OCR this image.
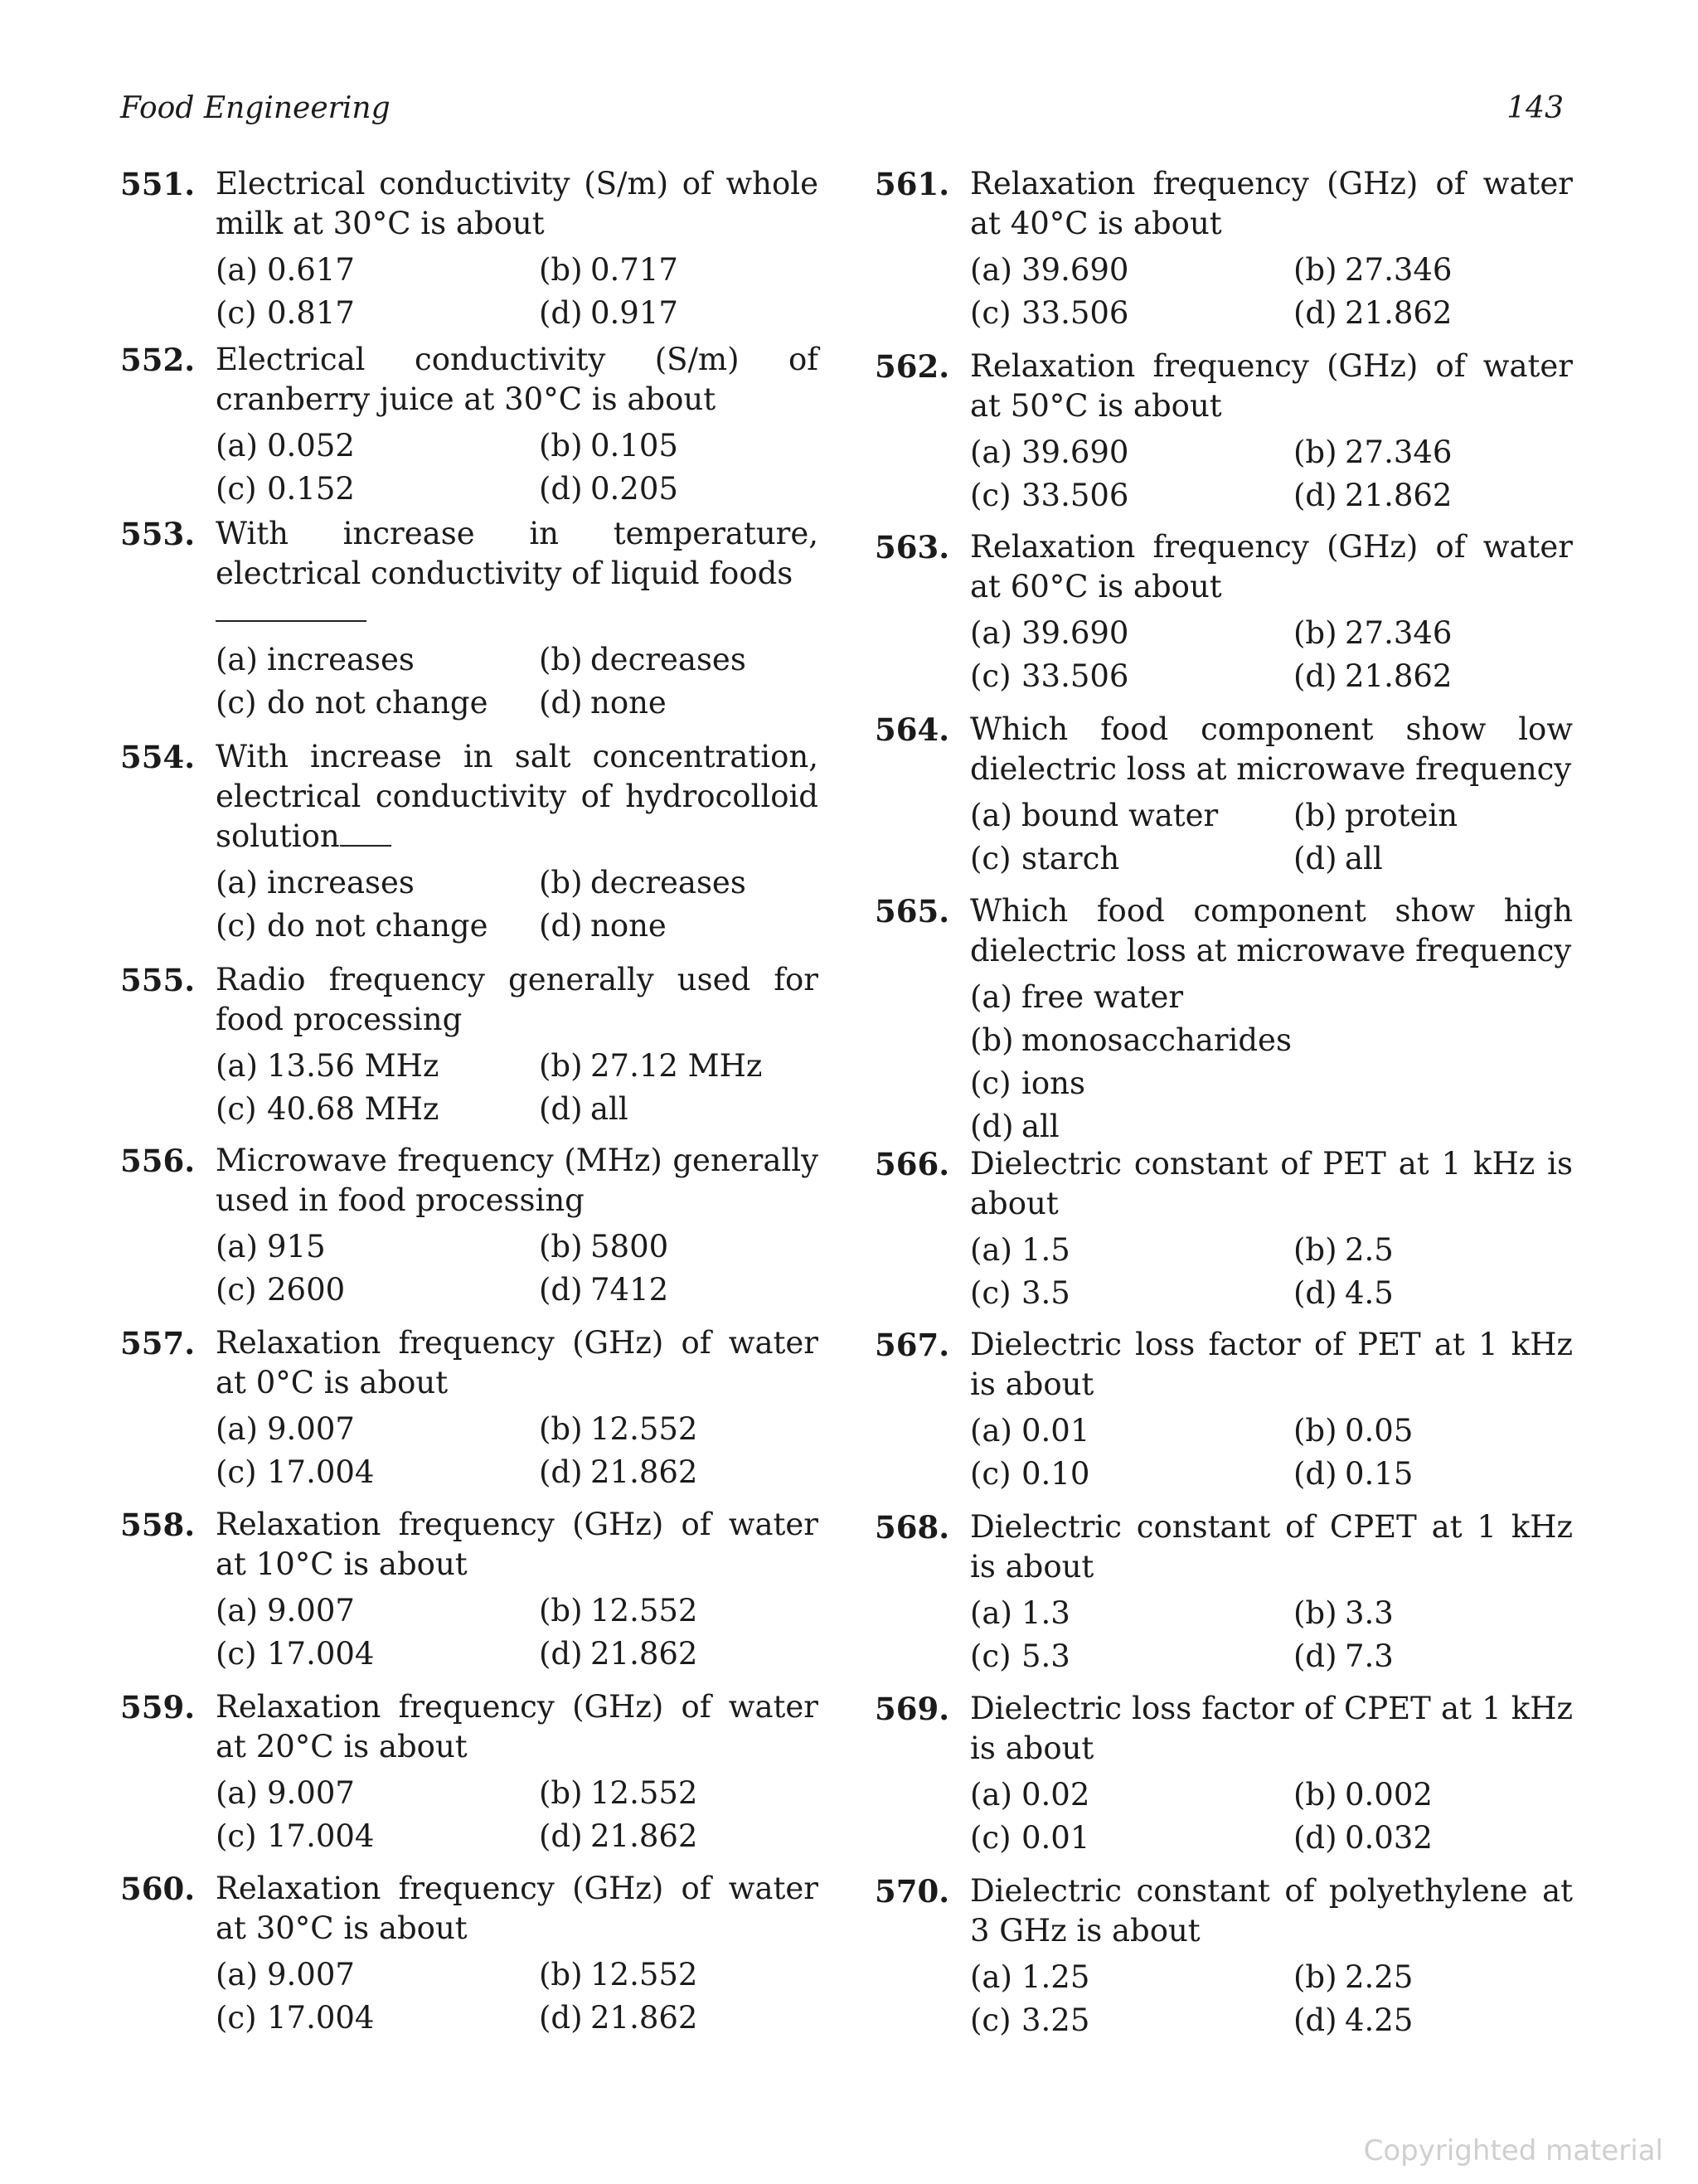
Food Engineering	143
551. Electrical conductivity (S/m) of whole milk at 30°C is about
(a) 0.617	(b) 0.717
(c) 0.817	(d) 0.917
552. Electrical conductivity (S/m) of cranberry juice at 30°C is about
(a) 0.052	(b) 0.105
(c) 0.152	(d) 0.205
553. With increase in temperature, electrical conductivity of liquid foods
(a) increases	(b) decreases
(c) do not change	(d) none
554. With increase in salt concentration, electrical conductivity of hydrocolloid solution
(a) increases	(b) decreases
(c) do not change	(d) none
555. Radio frequency generally used for food processing
(a) 13.56 MHz	(b) 27.12 MHz
(c) 40.68 MHz	(d) all
556. Microwave frequency (MHz) generally used in food processing
(a) 915	(b) 5800
(c) 2600	(d) 7412
557. Relaxation frequency (GHz) of water at 0°C is about
(a) 9.007	(b) 12.552
(c) 17.004	(d) 21.862
558. Relaxation frequency (GHz) of water at 10°C is about
(a) 9.007	(b) 12.552
(c) 17.004	(d) 21.862
559. Relaxation frequency (GHz) of water at 20°C is about
(a) 9.007	(b) 12.552
(c) 17.004	(d) 21.862
560. Relaxation frequency (GHz) of water at 30°C is about
(a) 9.007	(b) 12.552
(c) 17.004	(d) 21.862
561. Relaxation frequency (GHz) of water at 40°C is about
(a) 39.690	(b) 27.346
(c) 33.506	(d) 21.862
562. Relaxation frequency (GHz) of water at 50°C is about
(a) 39.690	(b) 27.346
(c) 33.506	(d) 21.862
563. Relaxation frequency (GHz) of water at 60°C is about
(a) 39.690	(b) 27.346
(c) 33.506	(d) 21.862
564. Which food component show low dielectric loss at microwave frequency
(a) bound water	(b) protein
(c) starch	(d) all
565. Which food component show high dielectric loss at microwave frequency
(a) free water
(b) monosaccharides
(c) ions
(d) all
566. Dielectric constant of PET at 1 kHz is about
(a) 1.5	(b) 2.5
(c) 3.5	(d) 4.5
567. Dielectric loss factor of PET at 1 kHz is about
(a) 0.01	(b) 0.05
(c) 0.10	(d) 0.15
568. Dielectric constant of CPET at 1 kHz is about
(a) 1.3	(b) 3.3
(c) 5.3	(d) 7.3
569. Dielectric loss factor of CPET at 1 kHz is about
(a) 0.02	(b) 0.002
(c) 0.01	(d) 0.032
570. Dielectric constant of polyethylene at 3 GHz is about
(a) 1.25	(b) 2.25
(c) 3.25	(d) 4.25
Copyrighted material
